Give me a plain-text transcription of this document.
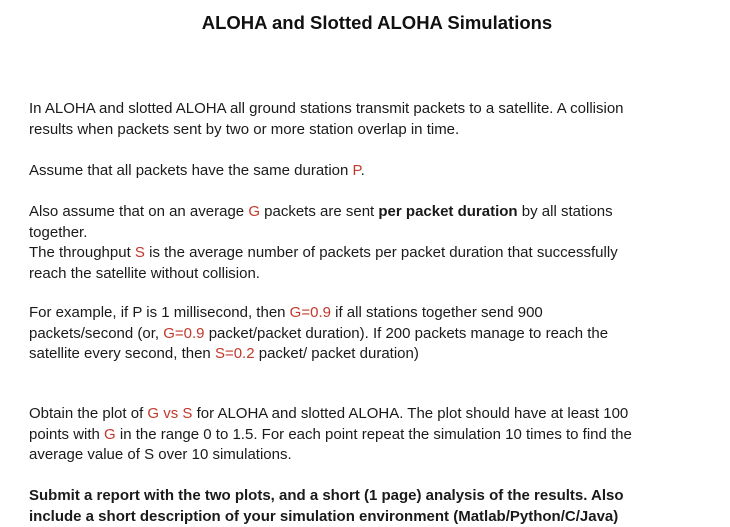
ALOHA and Slotted ALOHA Simulations

In ALOHA and slotted ALOHA all ground stations transmit packets to a satellite. A collision
results when packets sent by two or more station overlap in time.

Assume that all packets have the same duration P.

Also assume that on an average G packets are sent per packet duration by all stations
together.
The throughput S is the average number of packets per packet duration that successfully
reach the satellite without collision.

For example, if P is 1 millisecond, then G=0.9 if all stations together send 900
packets/second (or, G=0.9 packet/packet duration). If 200 packets manage to reach the
satellite every second, then S=0.2 packet/ packet duration)

Obtain the plot of G vs S for ALOHA and slotted ALOHA. The plot should have at least 100
points with G in the range 0 to 1.5. For each point repeat the simulation 10 times to find the
average value of S over 10 simulations.

Submit a report with the two plots, and a short (1 page) analysis of the results. Also
include a short description of your simulation environment (Matlab/Python/C/Java)
